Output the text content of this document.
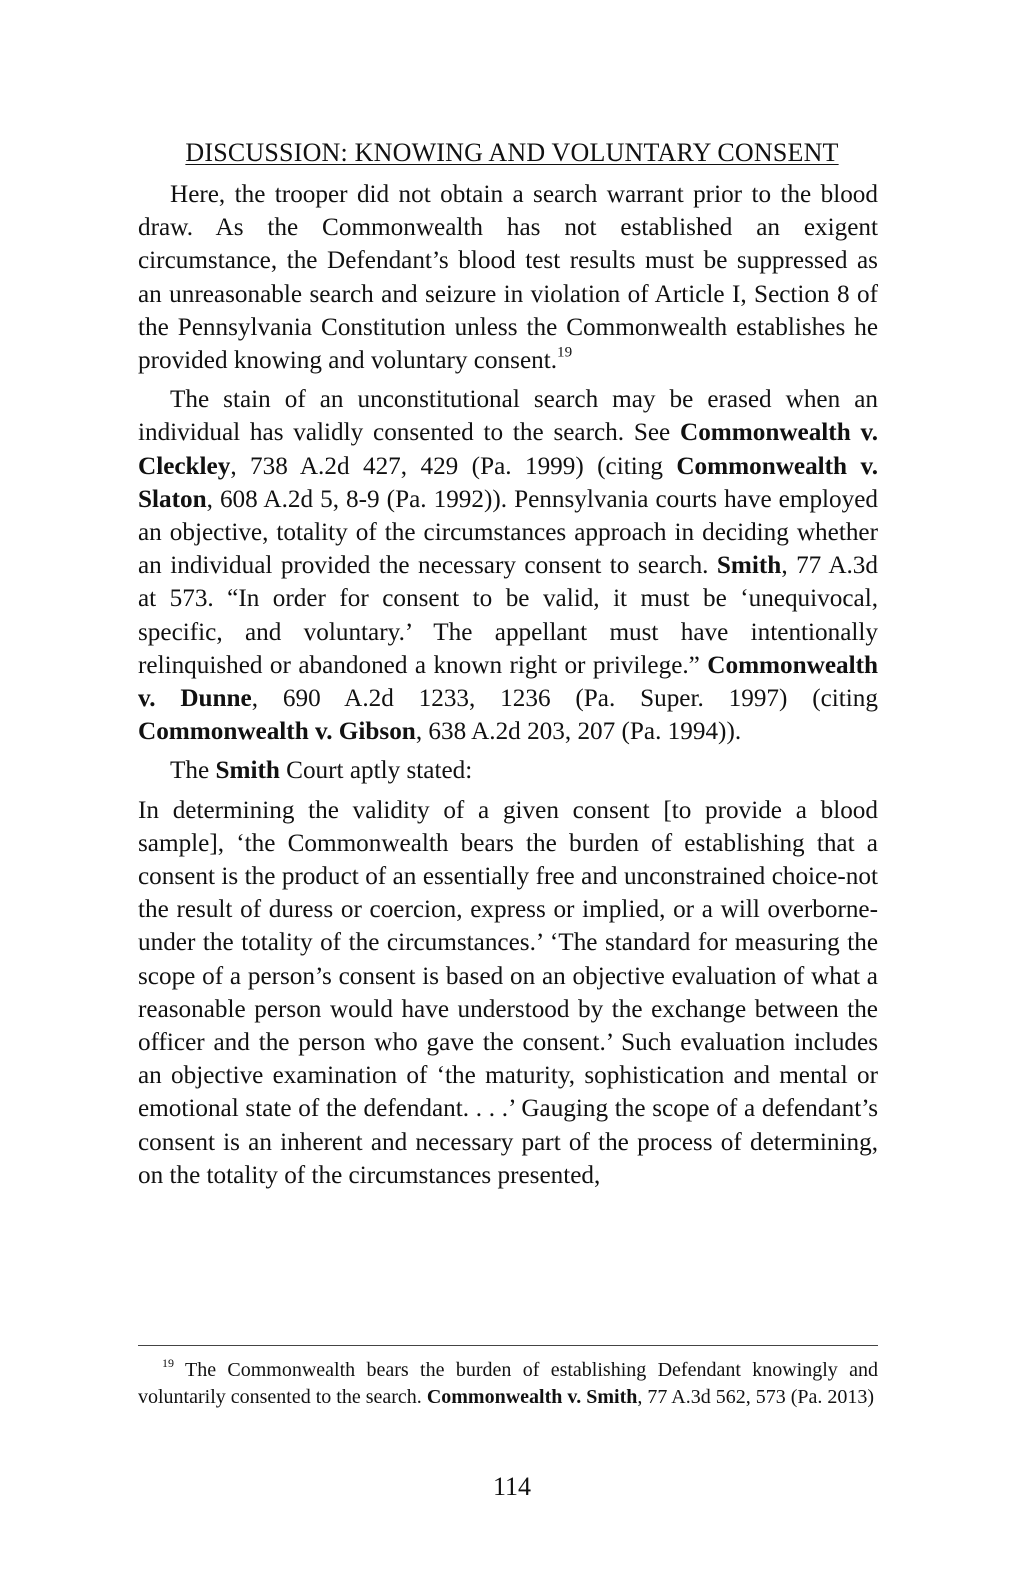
DISCUSSION: KNOWING AND VOLUNTARY CONSENT

Here, the trooper did not obtain a search warrant prior to the blood draw. As the Commonwealth has not established an exigent circumstance, the Defendant’s blood test results must be suppressed as an unreasonable search and seizure in violation of Article I, Section 8 of the Pennsylvania Constitution unless the Commonwealth establishes he provided knowing and voluntary consent.$^{19}$

The stain of an unconstitutional search may be erased when an individual has validly consented to the search. See Commonwealth v. Cleckley, 738 A.2d 427, 429 (Pa. 1999) (citing Commonwealth v. Slaton, 608 A.2d 5, 8-9 (Pa. 1992)). Pennsylvania courts have employed an objective, totality of the circumstances approach in deciding whether an individual provided the necessary consent to search. Smith, 77 A.3d at 573. “In order for consent to be valid, it must be ‘unequivocal, specific, and voluntary.’ The appellant must have intentionally relinquished or abandoned a known right or privilege.” Commonwealth v. Dunne, 690 A.2d 1233, 1236 (Pa. Super. 1997) (citing Commonwealth v. Gibson, 638 A.2d 203, 207 (Pa. 1994)).

The Smith Court aptly stated:

In determining the validity of a given consent [to provide a blood sample], ‘the Commonwealth bears the burden of establishing that a consent is the product of an essentially free and unconstrained choice-not the result of duress or coercion, express or implied, or a will overborne-under the totality of the circumstances.’ ‘The standard for measuring the scope of a person’s consent is based on an objective evaluation of what a reasonable person would have understood by the exchange between the officer and the person who gave the consent.’ Such evaluation includes an objective examination of ‘the maturity, sophistication and mental or emotional state of the defendant. . . .’ Gauging the scope of a defendant’s consent is an inherent and necessary part of the process of determining, on the totality of the circumstances presented,

$^{19}$ The Commonwealth bears the burden of establishing Defendant knowingly and voluntarily consented to the search. Commonwealth v. Smith, 77 A.3d 562, 573 (Pa. 2013)

114
